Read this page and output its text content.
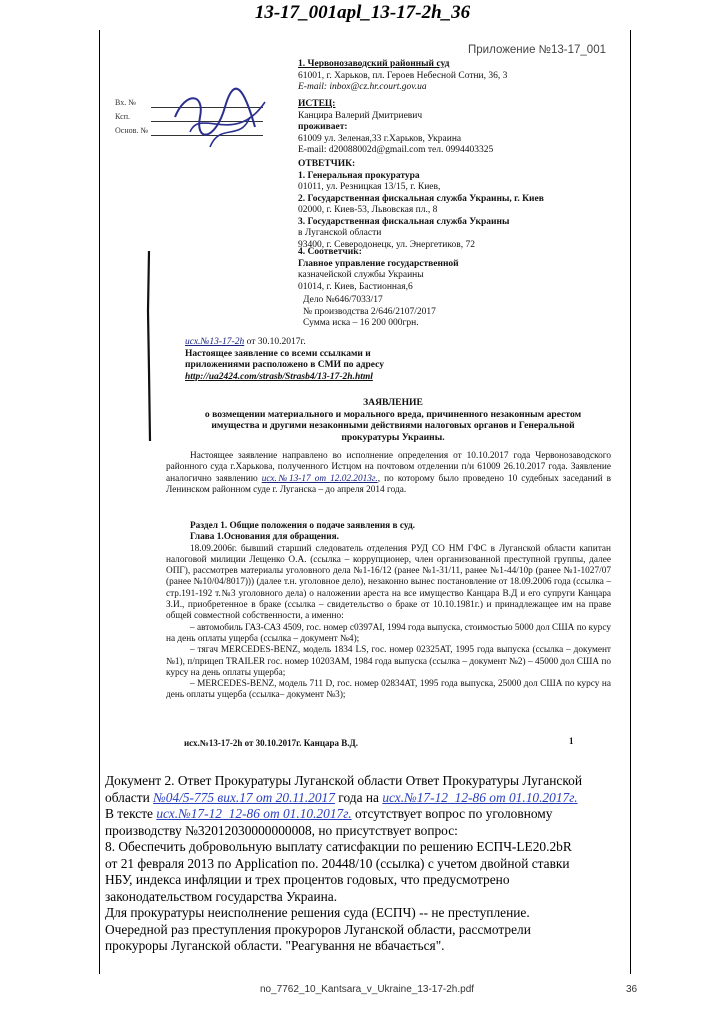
13-17_001apl_13-17-2h_36
Приложение №13-17_001
Вх. №
Ксп.
Основ. №

1. Червонозаводский районный суд

61001, г. Харьков, пл. Героев Небесной Сотни, 36, 3

E-mail: inbox@cz.hr.court.gov.ua

ИСТЕЦ:

Канцира Валерий Дмитриевич

проживает:

61009 ул. Зеленая,33 г.Харьков, Украина

E-mail: d20088002d@gmail.com тел. 0994403325

ОТВЕТЧИК:

1. Генеральная прокуратура

01011, ул. Резницкая 13/15, г. Киев,

2. Государственная фискальная служба Украины, г. Киев

02000, г. Киев-53, Львовская пл., 8

3. Государственная фискальная служба Украины

в Луганской области

93400, г. Северодонецк, ул. Энергетиков, 72

4. Соответчик:

Главное управление государственной

казначейской службы Украины

01014, г. Киев, Бастионная,6

Дело №646/7033/17

№ производства 2/646/2107/2017

Сумма иска – 16 200 000грн.

исх.№13-17-2h от 30.10.2017г.

Настоящее заявление со всеми ссылками и

приложениями расположено в СМИ по адресу

http://ua2424.com/strasb/Strasb4/13-17-2h.html

ЗАЯВЛЕНИЕ

о возмещении материального и морального вреда, причиненного незаконным арестом

имущества и другими незаконными действиями налоговых органов и Генеральной

прокуратуры Украины.

Настоящее заявление направлено во исполнение определения от 10.10.2017 года Червонозаводского районного суда г.Харькова, полученного Истцом на почтовом отделении п/и 61009 26.10.2017 года. Заявление аналогично заявлению исх.№13-17 от 12.02.2013г., по которому было проведено 10 судебных заседаний в Ленинском районном суде г. Луганска – до апреля 2014 года.

Раздел 1. Общие положения о подаче заявления в суд.

Глава 1.Основания для обращения.

18.09.2006г. бывший старший следователь отделения РУД СО НМ ГФС в Луганской области капитан налоговой милиции Лещенко О.А. (ссылка – коррупционер, член организованной преступной группы, далее ОПГ), рассмотрев материалы уголовного дела №1-16/12 (ранее №1-31/11, ранее №1-44/10р (ранее №1-1027/07 (ранее №10/04/8017))) (далее т.н. уголовное дело), незаконно вынес постановление от 18.09.2006 года (ссылка – стр.191-192 т.№3 уголовного дела) о наложении ареста на все имущество Канцара В.Д и его супруги Канцара З.И., приобретенное в браке (ссылка – свидетельство о браке от 10.10.1981г.) и принадлежащее им на праве общей совместной собственности, а именно:

– автомобиль ГАЗ-САЗ 4509, гос. номер с0397AI, 1994 года выпуска, стоимостью 5000 дол США по курсу на день оплаты ущерба (ссылка – документ №4);

– тягач MERCEDES-BENZ, модель 1834 LS, гос. номер 02325AT, 1995 года выпуска (ссылка – документ №1), п/прицеп TRAILER гос. номер 10203AM, 1984 года выпуска (ссылка – документ №2) – 45000 дол США по курсу на день оплаты ущерба;

– MERCEDES-BENZ, модель 711 D, гос. номер 02834AT, 1995 года выпуска, 25000 дол США по курсу на день оплаты ущерба (ссылка– документ №3);

исх.№13-17-2h от 30.10.2017г. Канцара В.Д.	1

Документ 2. Ответ Прокуратуры Луганской области Ответ Прокуратуры Луганской

области №04/5-775 вих.17 от 20.11.2017 года на исх.№17-12_12-86 от 01.10.2017г.

В тексте исх.№17-12_12-86 от 01.10.2017г. отсутствует вопрос по уголовному

производству №32012030000000008, но присутствует вопрос:

8. Обеспечить добровольную выплату сатисфакции по решению ЕСПЧ-LE20.2bR

от 21 февраля 2013 по Application по. 20448/10 (ссылка) с учетом двойной ставки

НБУ, индекса инфляции и трех процентов годовых, что предусмотрено

законодательством государства Украина.

Для прокуратуры неисполнение решения суда (ЕСПЧ) -- не преступление.

Очередной раз преступления прокуроров Луганской области, рассмотрели

прокуроры Луганской области. "Реагування не вбачається".

no_7762_10_Kantsara_v_Ukraine_13-17-2h.pdf	36
